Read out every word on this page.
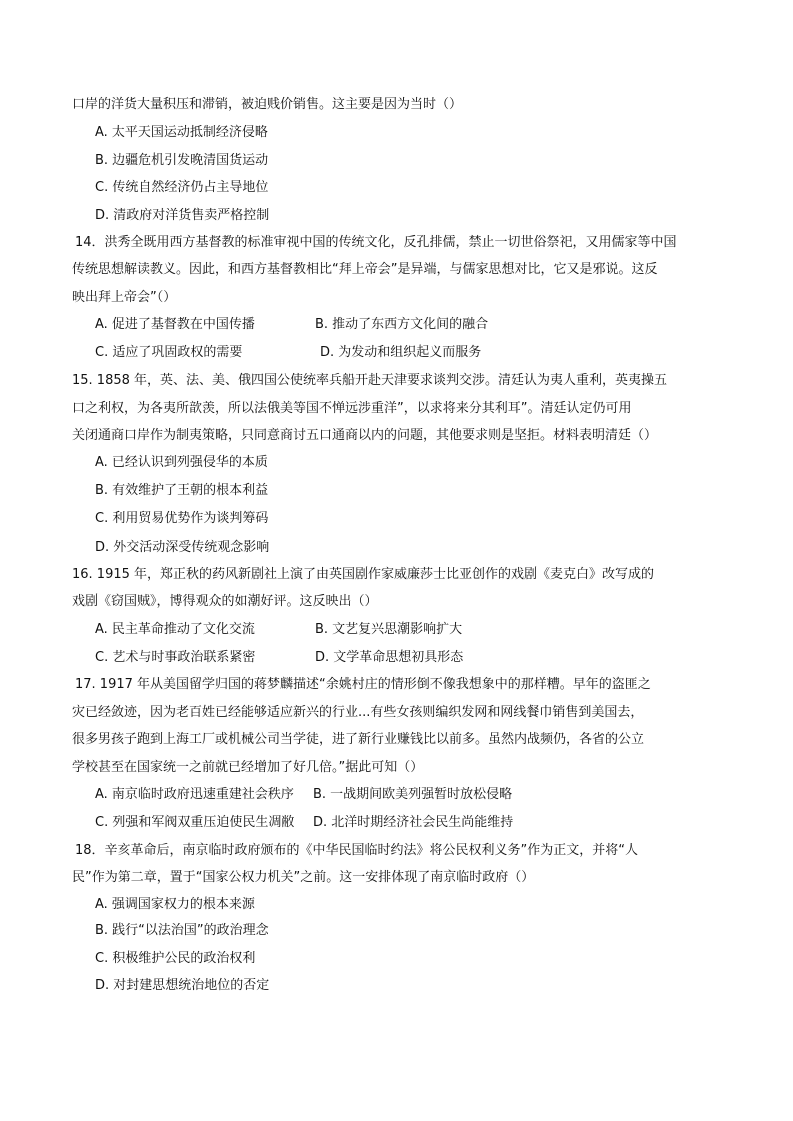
口岸的洋货大量积压和滞销，被迫贱价销售。这主要是因为当时（）
A. 太平天国运动抵制经济侵略
B. 边疆危机引发晚清国货运动
C. 传统自然经济仍占主导地位
D. 清政府对洋货售卖严格控制
14．洪秀全既用西方基督教的标准审视中国的传统文化，反孔排儒，禁止一切世俗祭祀，又用儒家等中国
传统思想解读教义。因此，和西方基督教相比“拜上帝会”是异端，与儒家思想对比，它又是邪说。这反
映出拜上帝会”（）
A. 促进了基督教在中国传播	B. 推动了东西方文化间的融合
C. 适应了巩固政权的需要	D. 为发动和组织起义而服务
15. 1858 年，英、法、美、俄四国公使统率兵船开赴天津要求谈判交涉。清廷认为夷人重利，英夷操五
口之利权，为各夷所歆羡，所以法俄美等国不惮远涉重洋”，以求将来分其利耳”。清廷认定仍可用
关闭通商口岸作为制夷策略，只同意商讨五口通商以内的问题，其他要求则是坚拒。材料表明清廷（）
A. 已经认识到列强侵华的本质
B. 有效维护了王朝的根本利益
C. 利用贸易优势作为谈判筹码
D. 外交活动深受传统观念影响
16. 1915 年，郑正秋的药风新剧社上演了由英国剧作家威廉莎士比亚创作的戏剧《麦克白》改写成的
戏剧《窃国贼》，博得观众的如潮好评。这反映出（）
A. 民主革命推动了文化交流	B. 文艺复兴思潮影响扩大
C. 艺术与时事政治联系紧密	D. 文学革命思想初具形态
17. 1917 年从美国留学归国的蒋梦麟描述“余姚村庄的情形倒不像我想象中的那样糟。早年的盗匪之
灾已经敛迹，因为老百姓已经能够适应新兴的行业...有些女孩则编织发网和网线餐巾销售到美国去，
很多男孩子跑到上海工厂或机械公司当学徒，进了新行业赚钱比以前多。虽然内战频仍，各省的公立
学校甚至在国家统一之前就已经增加了好几倍。”据此可知（）
A. 南京临时政府迅速重建社会秩序 B. 一战期间欧美列强暂时放松侵略
C. 列强和军阀双重压迫使民生凋敝 D. 北洋时期经济社会民生尚能维持
18．辛亥革命后，南京临时政府颁布的《中华民国临时约法》将公民权利义务”作为正文，并将“人
民”作为第二章，置于“国家公权力机关”之前。这一安排体现了南京临时政府（）
A. 强调国家权力的根本来源
B. 践行“以法治国”的政治理念
C. 积极维护公民的政治权利
D. 对封建思想统治地位的否定
